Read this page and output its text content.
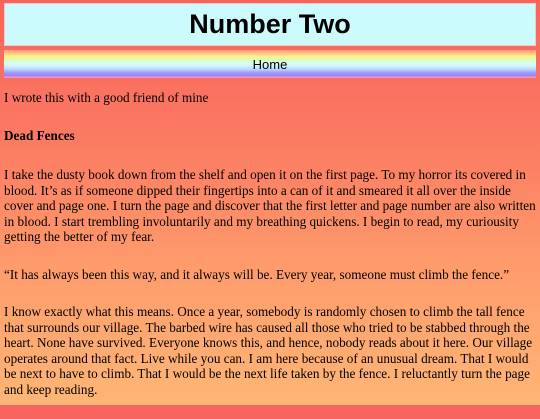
Number Two
Home

I wrote this with a good friend of mine

Dead Fences

I take the dusty book down from the shelf and open it on the first page. To my horror its covered in blood. It’s as if someone dipped their fingertips into a can of it and smeared it all over the inside cover and page one. I turn the page and discover that the first letter and page number are also written in blood. I start trembling involuntarily and my breathing quickens. I begin to read, my curiousity getting the better of my fear.

“It has always been this way, and it always will be. Every year, someone must climb the fence.”

I know exactly what this means. Once a year, somebody is randomly chosen to climb the tall fence that surrounds our village. The barbed wire has caused all those who tried to be stabbed through the heart. None have survived. Everyone knows this, and hence, nobody reads about it here. Our village operates around that fact. Live while you can. I am here because of an unusual dream. That I would be next to have to climb. That I would be the next life taken by the fence. I reluctantly turn the page and keep reading.
